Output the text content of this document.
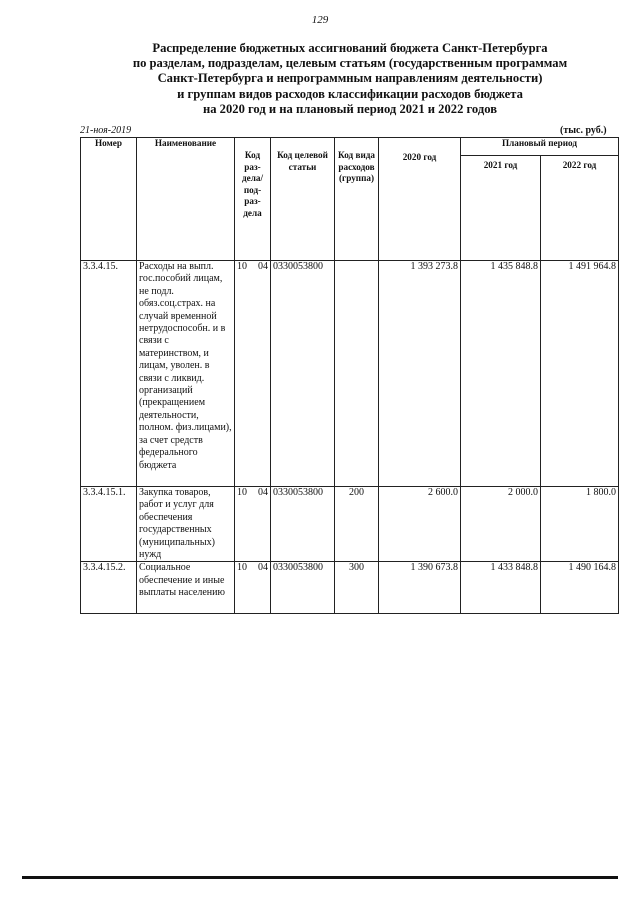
129
Распределение бюджетных ассигнований бюджета Санкт-Петербурга
по разделам, подразделам, целевым статьям (государственным программам
Санкт-Петербурга и непрограммным направлениям деятельности)
и группам видов расходов классификации расходов бюджета
на 2020 год и на плановый период 2021 и 2022 годов
21-ноя-2019	(тыс. руб.)
Номер	Наименование	Код раз- дела/ под- раз- дела	Код целевой статьи	Код вида расходов (группа)	2020 год	Плановый период	
						2021 год	2022 год
3.3.4.15.	Расходы на выпл. гос.пособий лицам, не подл. обяз.соц.страх. на случай временной нетрудоспособн. и в связи с материнством, и лицам, уволен. в связи с ликвид. организаций (прекращением деятельности, полном. физ.лицами), за счет средств федерального бюджета	10 04	0330053800		1 393 273.8	1 435 848.8	1 491 964.8
3.3.4.15.1.	Закупка товаров, работ и услуг для обеспечения государственных (муниципальных) нужд	10 04	0330053800	200	2 600.0	2 000.0	1 800.0
3.3.4.15.2.	Социальное обеспечение и иные выплаты населению	10 04	0330053800	300	1 390 673.8	1 433 848.8	1 490 164.8
